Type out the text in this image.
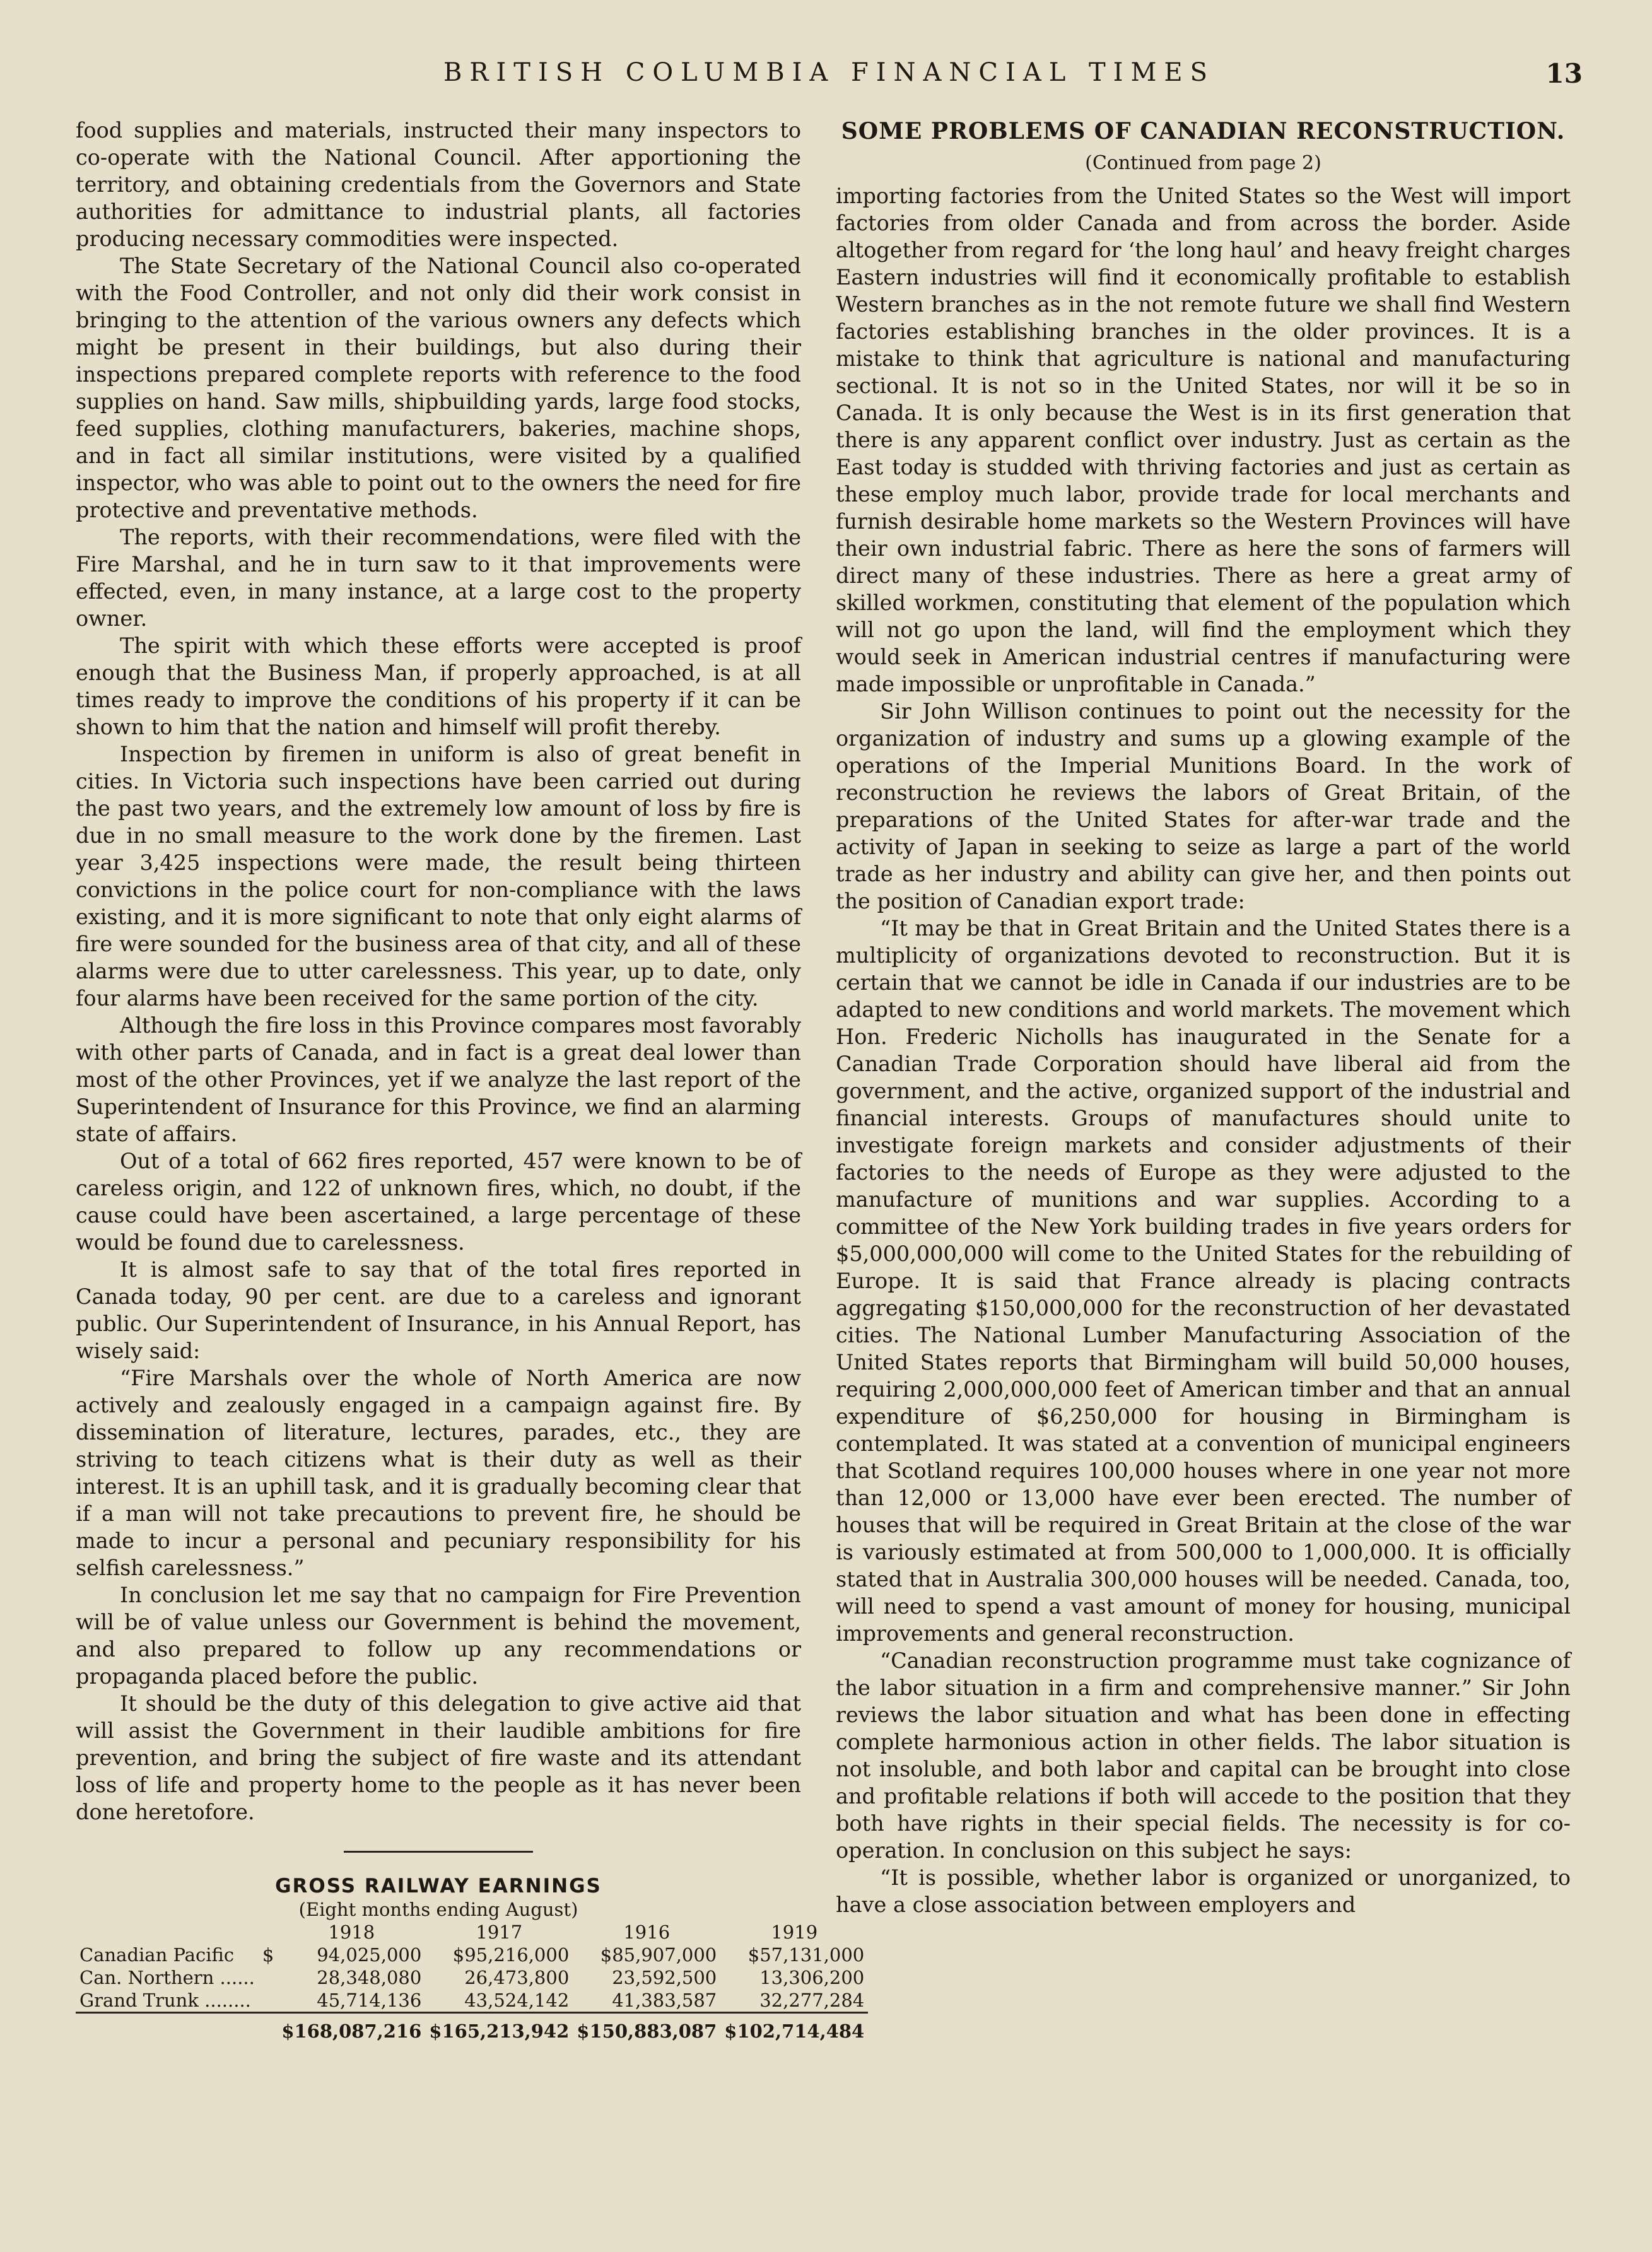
BRITISH COLUMBIA FINANCIAL TIMES	13

food supplies and materials, instructed their many inspectors to co-operate with the National Council. After apportioning the territory, and obtaining credentials from the Governors and State authorities for admittance to industrial plants, all factories producing necessary commodities were inspected.

The State Secretary of the National Council also co-operated with the Food Controller, and not only did their work consist in bringing to the attention of the various owners any defects which might be present in their buildings, but also during their inspections prepared complete reports with reference to the food supplies on hand. Saw mills, shipbuilding yards, large food stocks, feed supplies, clothing manufacturers, bakeries, machine shops, and in fact all similar institutions, were visited by a qualified inspector, who was able to point out to the owners the need for fire protective and preventative methods.

The reports, with their recommendations, were filed with the Fire Marshal, and he in turn saw to it that improvements were effected, even, in many instance, at a large cost to the property owner.

The spirit with which these efforts were accepted is proof enough that the Business Man, if properly approached, is at all times ready to improve the conditions of his property if it can be shown to him that the nation and himself will profit thereby.

Inspection by firemen in uniform is also of great benefit in cities. In Victoria such inspections have been carried out during the past two years, and the extremely low amount of loss by fire is due in no small measure to the work done by the firemen. Last year 3,425 inspections were made, the result being thirteen convictions in the police court for non-compliance with the laws existing, and it is more significant to note that only eight alarms of fire were sounded for the business area of that city, and all of these alarms were due to utter carelessness. This year, up to date, only four alarms have been received for the same portion of the city.

Although the fire loss in this Province compares most favorably with other parts of Canada, and in fact is a great deal lower than most of the other Provinces, yet if we analyze the last report of the Superintendent of Insurance for this Province, we find an alarming state of affairs.

Out of a total of 662 fires reported, 457 were known to be of careless origin, and 122 of unknown fires, which, no doubt, if the cause could have been ascertained, a large percentage of these would be found due to carelessness.

It is almost safe to say that of the total fires reported in Canada today, 90 per cent. are due to a careless and ignorant public. Our Superintendent of Insurance, in his Annual Report, has wisely said:

“Fire Marshals over the whole of North America are now actively and zealously engaged in a campaign against fire. By dissemination of literature, lectures, parades, etc., they are striving to teach citizens what is their duty as well as their interest. It is an uphill task, and it is gradually becoming clear that if a man will not take precautions to prevent fire, he should be made to incur a personal and pecuniary responsibility for his selfish carelessness.”

In conclusion let me say that no campaign for Fire Prevention will be of value unless our Government is behind the movement, and also prepared to follow up any recommendations or propaganda placed before the public.

It should be the duty of this delegation to give active aid that will assist the Government in their laudible ambitions for fire prevention, and bring the subject of fire waste and its attendant loss of life and property home to the people as it has never been done heretofore.

GROSS RAILWAY EARNINGS
(Eight months ending August)
		1918	1917	1916	1919
Canadian Pacific	$	94,025,000	$95,216,000	$85,907,000	$57,131,000
Can. Northern ......		28,348,080	26,473,800	23,592,500	13,306,200
Grand Trunk ........		45,714,136	43,524,142	41,383,587	32,277,284
		$168,087,216	$165,213,942	$150,883,087	$102,714,484
SOME PROBLEMS OF CANADIAN RECONSTRUCTION.
(Continued from page 2)

importing factories from the United States so the West will import factories from older Canada and from across the border. Aside altogether from regard for ‘the long haul’ and heavy freight charges Eastern industries will find it economically profitable to establish Western branches as in the not remote future we shall find Western factories establishing branches in the older provinces. It is a mistake to think that agriculture is national and manufacturing sectional. It is not so in the United States, nor will it be so in Canada. It is only because the West is in its first generation that there is any apparent conflict over industry. Just as certain as the East today is studded with thriving factories and just as certain as these employ much labor, provide trade for local merchants and furnish desirable home markets so the Western Provinces will have their own industrial fabric. There as here the sons of farmers will direct many of these industries. There as here a great army of skilled workmen, constituting that element of the population which will not go upon the land, will find the employment which they would seek in American industrial centres if manufacturing were made impossible or unprofitable in Canada.”

Sir John Willison continues to point out the necessity for the organization of industry and sums up a glowing example of the operations of the Imperial Munitions Board. In the work of reconstruction he reviews the labors of Great Britain, of the preparations of the United States for after-war trade and the activity of Japan in seeking to seize as large a part of the world trade as her industry and ability can give her, and then points out the position of Canadian export trade:

“It may be that in Great Britain and the United States there is a multiplicity of organizations devoted to reconstruction. But it is certain that we cannot be idle in Canada if our industries are to be adapted to new conditions and world markets. The movement which Hon. Frederic Nicholls has inaugurated in the Senate for a Canadian Trade Corporation should have liberal aid from the government, and the active, organized support of the industrial and financial interests. Groups of manufactures should unite to investigate foreign markets and consider adjustments of their factories to the needs of Europe as they were adjusted to the manufacture of munitions and war supplies. According to a committee of the New York building trades in five years orders for $5,000,000,000 will come to the United States for the rebuilding of Europe. It is said that France already is placing contracts aggregating $150,000,000 for the reconstruction of her devastated cities. The National Lumber Manufacturing Association of the United States reports that Birmingham will build 50,000 houses, requiring 2,000,000,000 feet of American timber and that an annual expenditure of $6,250,000 for housing in Birmingham is contemplated. It was stated at a convention of municipal engineers that Scotland requires 100,000 houses where in one year not more than 12,000 or 13,000 have ever been erected. The number of houses that will be required in Great Britain at the close of the war is variously estimated at from 500,000 to 1,000,000. It is officially stated that in Australia 300,000 houses will be needed. Canada, too, will need to spend a vast amount of money for housing, municipal improvements and general reconstruction.

“Canadian reconstruction programme must take cognizance of the labor situation in a firm and comprehensive manner.” Sir John reviews the labor situation and what has been done in effecting complete harmonious action in other fields. The labor situation is not insoluble, and both labor and capital can be brought into close and profitable relations if both will accede to the position that they both have rights in their special fields. The necessity is for co-operation. In conclusion on this subject he says:

“It is possible, whether labor is organized or unorganized, to have a close association between employers and
